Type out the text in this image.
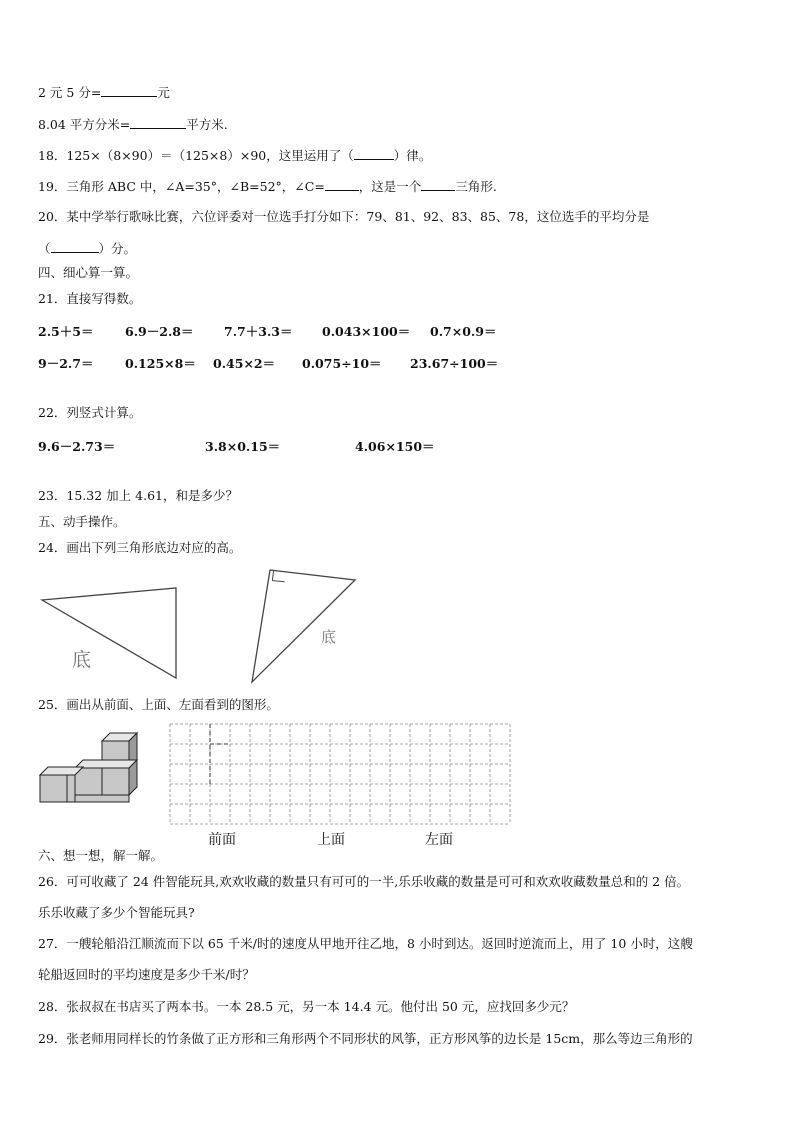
2 元 5 分=	元
8.04 平方分米=	平方米.
18．125×（8×90）＝（125×8）×90，这里运用了（	）律。
19．三角形 ABC 中，∠A=35°，∠B=52°，∠C=	，这是一个	三角形.
20．某中学举行歌咏比赛，六位评委对一位选手打分如下：79、81、92、83、85、78，这位选手的平均分是
（	）分。
四、细心算一算。
21．直接写得数。
2.5＋5＝	6.9－2.8＝ 7.7＋3.3＝ 0.043×100＝ 0.7×0.9＝
9－2.7＝	0.125×8＝ 0.45×2＝ 0.075÷10＝ 23.67÷100＝
22．列竖式计算。
9.6－2.73＝	3.8×0.15＝	4.06×150＝
23．15.32 加上 4.61，和是多少？
五、动手操作。
24．画出下列三角形底边对应的高。
底
底
25．画出从前面、上面、左面看到的图形。
前面	上面	左面
六、想一想，解一解。
26．可可收藏了 24 件智能玩具,欢欢收藏的数量只有可可的一半,乐乐收藏的数量是可可和欢欢收藏数量总和的 2 倍。
乐乐收藏了多少个智能玩具?
27．一艘轮船沿江顺流而下以 65 千米/时的速度从甲地开往乙地，8 小时到达。返回时逆流而上，用了 10 小时，这艘
轮船返回时的平均速度是多少千米/时？
28．张叔叔在书店买了两本书。一本 28.5 元，另一本 14.4 元。他付出 50 元，应找回多少元？
29．张老师用同样长的竹条做了正方形和三角形两个不同形状的风筝，正方形风筝的边长是 15cm，那么等边三角形的
